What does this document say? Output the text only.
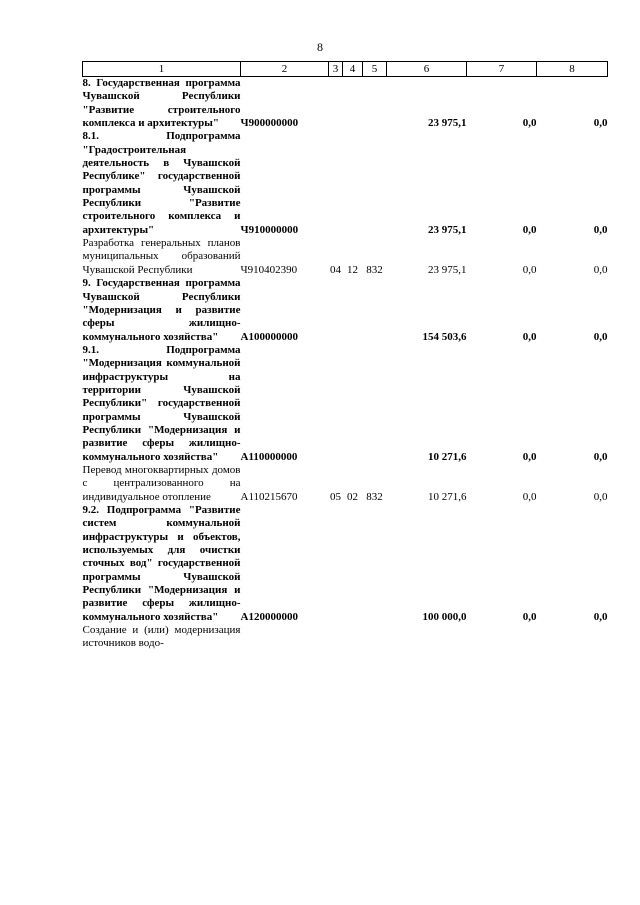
8
1	2	3	4	5	6	7	8

8. Государственная программа Чувашской Республики "Развитие строительного комплекса и архитектуры"	Ч900000000				23 975,1	0,0	0,0

8.1. Подпрограмма "Градостроительная деятельность в Чувашской Республике" государственной программы Чувашской Республики "Развитие строительного комплекса и архитектуры"	Ч910000000				23 975,1	0,0	0,0

Разработка генеральных планов муниципальных образований Чувашской Республики	Ч910402390	04	12	832	23 975,1	0,0	0,0

9. Государственная программа Чувашской Республики "Модернизация и развитие сферы жилищно-коммунального хозяйства"	А100000000				154 503,6	0,0	0,0

9.1. Подпрограмма "Модернизация коммунальной инфраструктуры на территории Чувашской Республики" государственной программы Чувашской Республики "Модернизация и развитие сферы жилищно-коммунального хозяйства"	А110000000				10 271,6	0,0	0,0

Перевод многоквартирных домов с централизованного на индивидуальное отопление	А110215670	05	02	832	10 271,6	0,0	0,0

9.2. Подпрограмма "Развитие систем коммунальной инфраструктуры и объектов, используемых для очистки сточных вод" государственной программы Чувашской Республики "Модернизация и развитие сферы жилищно-коммунального хозяйства"	А120000000				100 000,0	0,0	0,0

Создание и (или) модернизация источников водо-							
